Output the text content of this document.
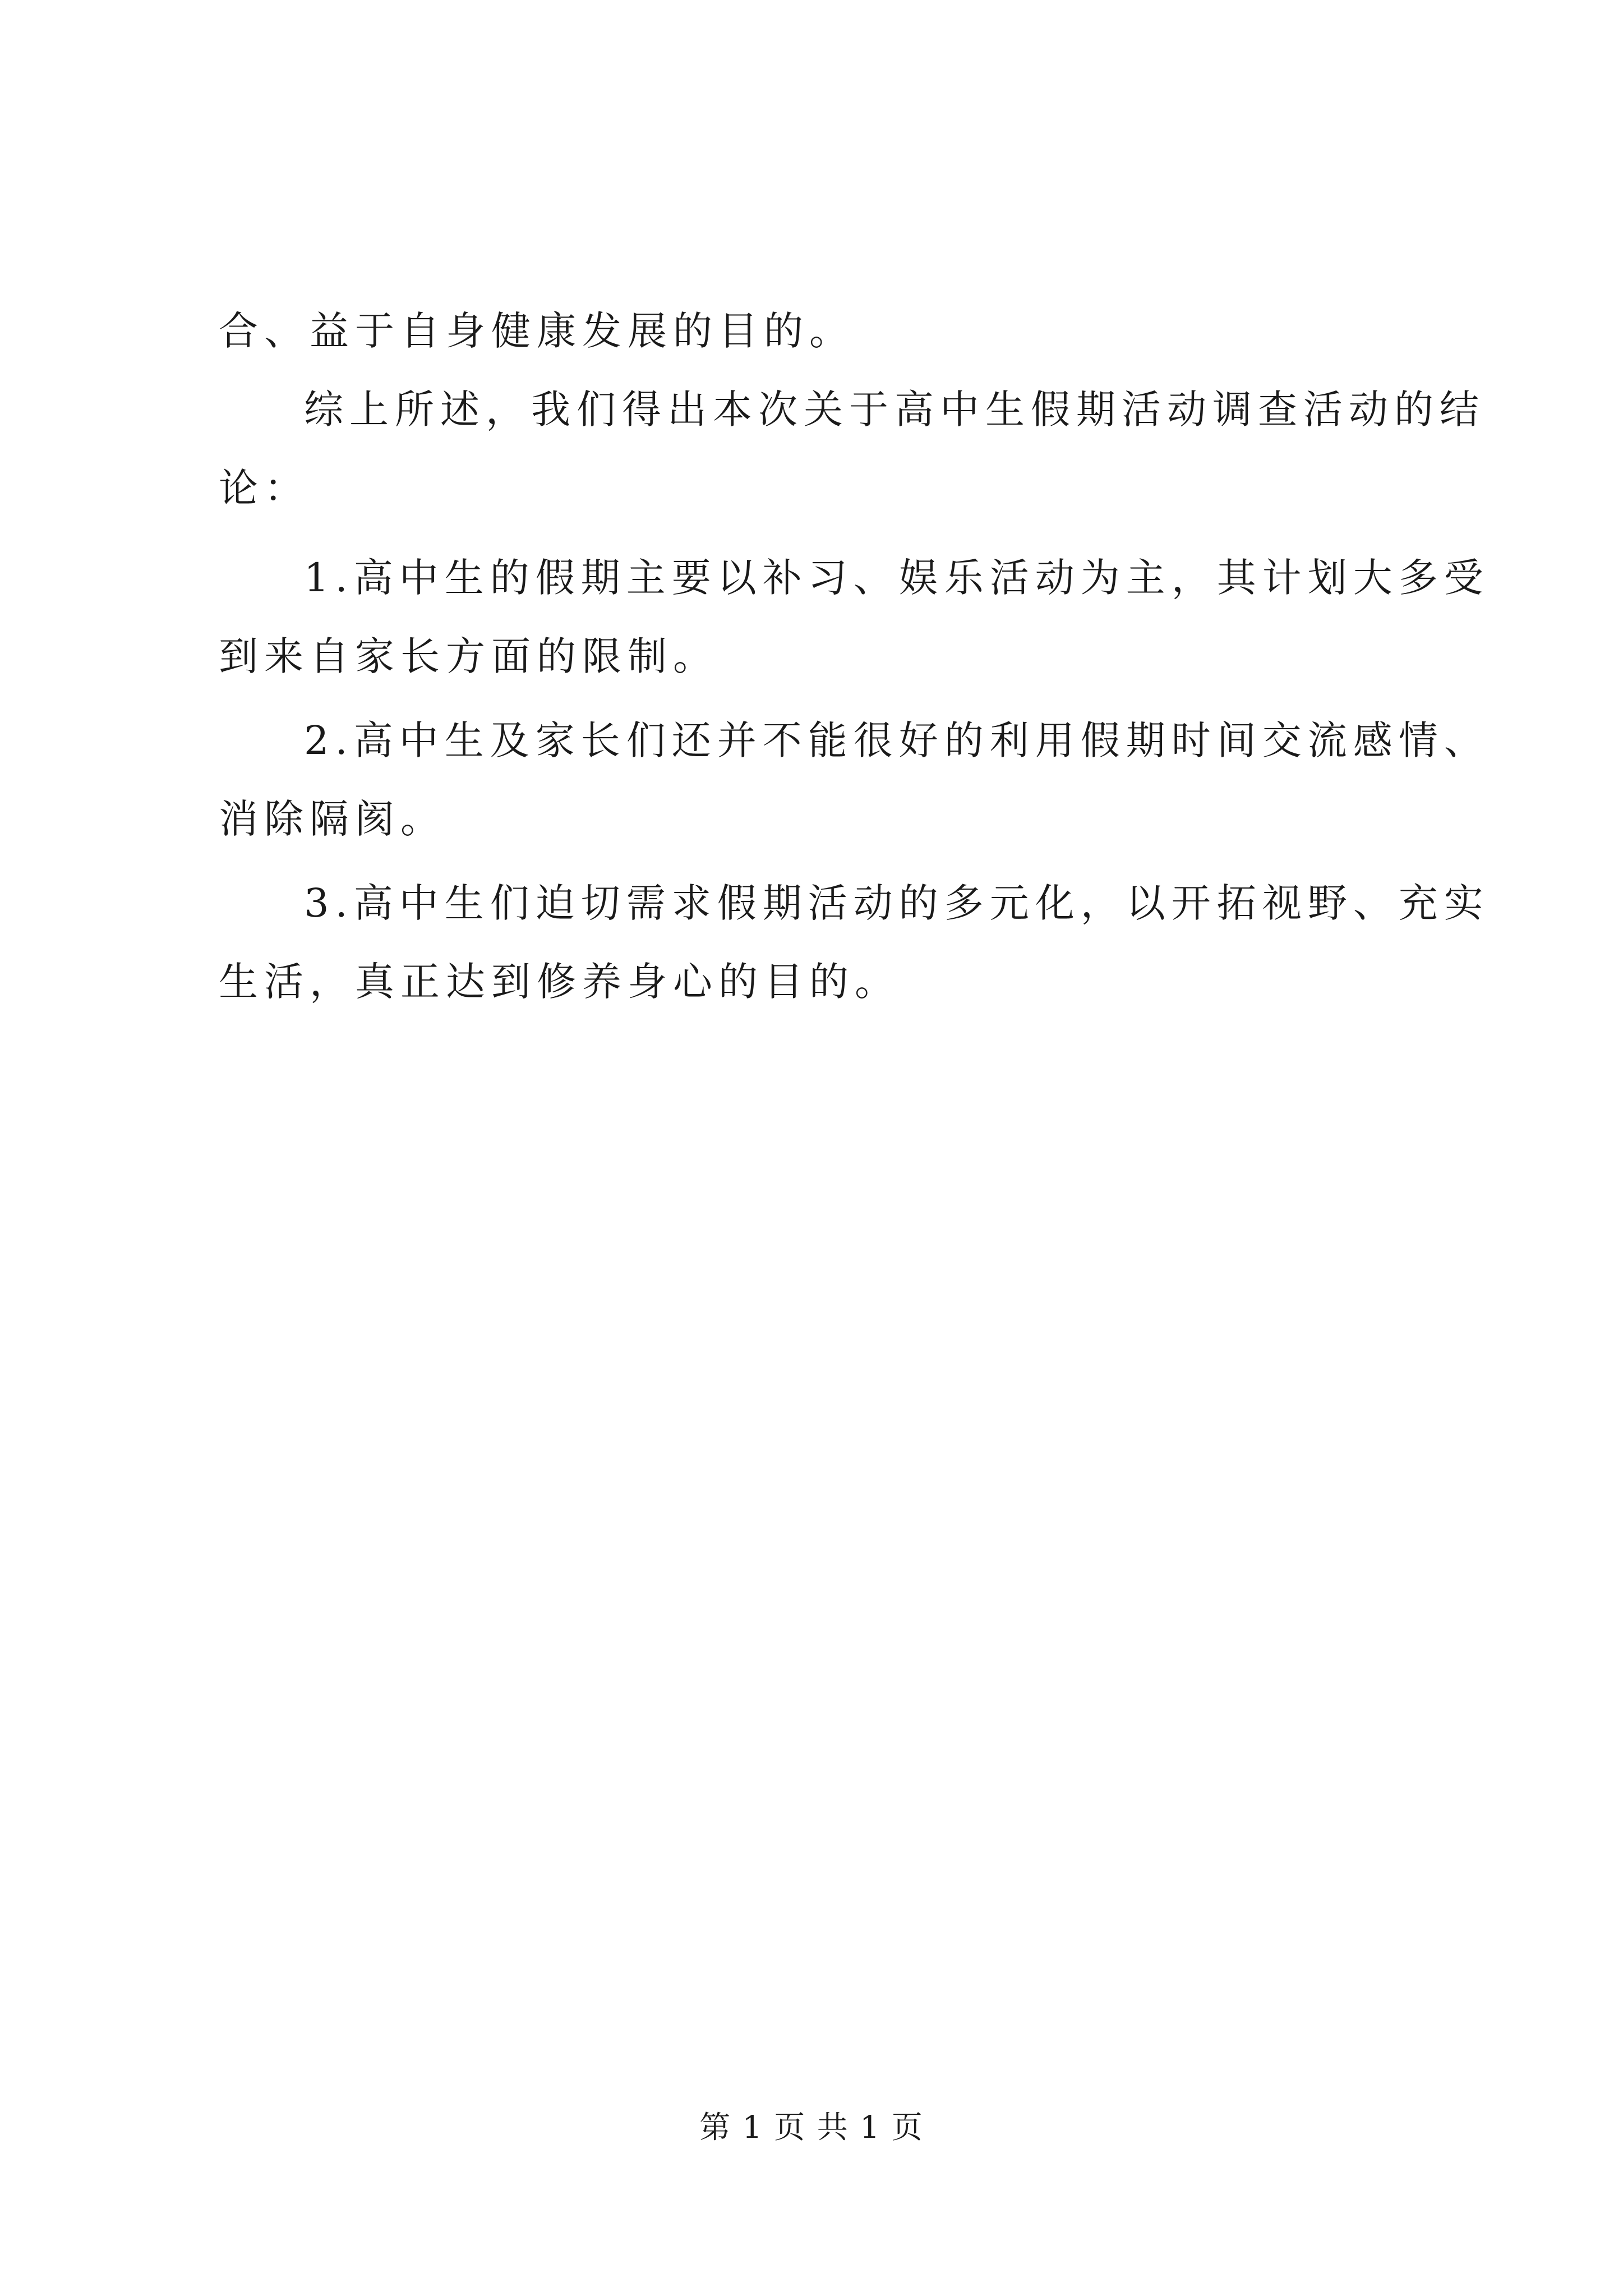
合、益于自身健康发展的目的。
综上所述，我们得出本次关于高中生假期活动调查活动的结
论：
1.高中生的假期主要以补习、娱乐活动为主，其计划大多受
到来自家长方面的限制。
2.高中生及家长们还并不能很好的利用假期时间交流感情、
消除隔阂。
3.高中生们迫切需求假期活动的多元化，以开拓视野、充实
生活，真正达到修养身心的目的。
第 1 页 共 1 页
